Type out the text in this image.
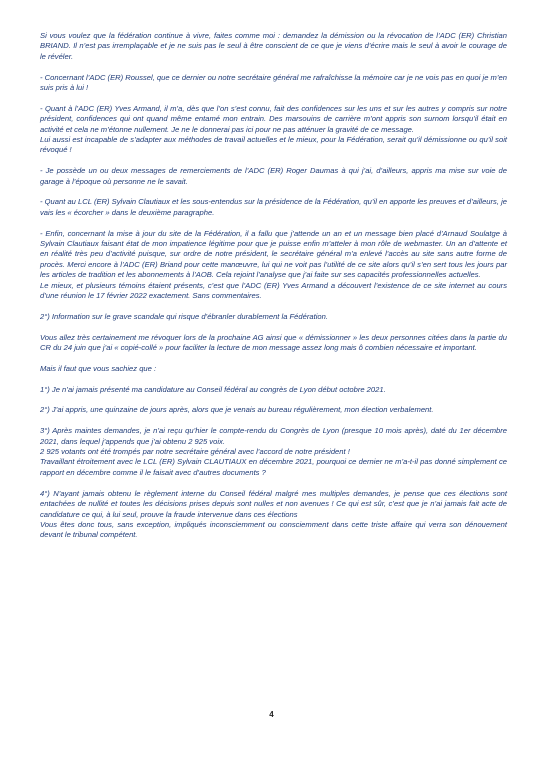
Si vous voulez que la fédération continue à vivre, faites comme moi : demandez la démission ou la révocation de l’ADC (ER) Christian BRIAND. Il n’est pas irremplaçable et je ne suis pas le seul à être conscient de ce que je viens d’écrire mais le seul à avoir le courage de le révéler.

- Concernant l’ADC (ER) Roussel, que ce dernier ou notre secrétaire général me rafraîchisse la mémoire car je ne vois pas en quoi je m’en suis pris à lui !

- Quant à l’ADC (ER) Yves Armand, il m’a, dès que l’on s’est connu, fait des confidences sur les uns et sur les autres y compris sur notre président, confidences qui ont quand même entamé mon entrain. Des marsouins de carrière m’ont appris son surnom lorsqu’il était en activité et cela ne m’étonne nullement. Je ne le donnerai pas ici pour ne pas atténuer la gravité de ce message.
Lui aussi est incapable de s’adapter aux méthodes de travail actuelles et le mieux, pour la Fédération, serait qu’il démissionne ou qu’il soit révoqué !

- Je possède un ou deux messages de remerciements de l’ADC (ER) Roger Daumas à qui j’ai, d’ailleurs, appris ma mise sur voie de garage à l’époque où personne ne le savait.

- Quant au LCL (ER) Sylvain Clautiaux et les sous-entendus sur la présidence de la Fédération, qu’il en apporte les preuves et d’ailleurs, je vais les « écorcher » dans le deuxième paragraphe.

- Enfin, concernant la mise à jour du site de la Fédération, il a fallu que j’attende un an et un message bien placé d’Arnaud Soulatge à Sylvain Clautiaux faisant état de mon impatience légitime pour que je puisse enfin m’atteler à mon rôle de webmaster. Un an d’attente et en réalité très peu d’activité puisque, sur ordre de notre président, le secrétaire général m’a enlevé l’accès au site sans autre forme de procès. Merci encore à l’ADC (ER) Briand pour cette manœuvre, lui qui ne voit pas l’utilité de ce site alors qu’il s’en sert tous les jours par les articles de tradition et les abonnements à l’AOB. Cela rejoint l’analyse que j’ai faite sur ses capacités professionnelles actuelles.
Le mieux, et plusieurs témoins étaient présents, c’est que l’ADC (ER) Yves Armand a découvert l’existence de ce site internet au cours d’une réunion le 17 février 2022 exactement. Sans commentaires.

2°) Information sur le grave scandale qui risque d’ébranler durablement la Fédération.

Vous allez très certainement me révoquer lors de la prochaine AG ainsi que « démissionner » les deux personnes citées dans la partie du CR du 24 juin que j’ai « copié-collé » pour faciliter la lecture de mon message assez long mais ô combien nécessaire et important.

Mais il faut que vous sachiez que :

1°) Je n’ai jamais présenté ma candidature au Conseil fédéral au congrès de Lyon début octobre 2021.

2°) J’ai appris, une quinzaine de jours après, alors que je venais au bureau régulièrement, mon élection verbalement.

3°) Après maintes demandes, je n’ai reçu qu’hier le compte-rendu du Congrès de Lyon (presque 10 mois après), daté du 1er décembre 2021, dans lequel j’appends que j’ai obtenu 2 925 voix.
2 925 votants ont été trompés par notre secrétaire général avec l’accord de notre président !
Travaillant étroitement avec le LCL (ER) Sylvain CLAUTIAUX en décembre 2021, pourquoi ce dernier ne m’a-t-il pas donné simplement ce rapport en décembre comme il le faisait avec d’autres documents ?

4°) N’ayant jamais obtenu le règlement interne du Conseil fédéral malgré mes multiples demandes, je pense que ces élections sont entachées de nullité et toutes les décisions prises depuis sont nulles et non avenues ! Ce qui est sûr, c’est que je n’ai jamais fait acte de candidature ce qui, à lui seul, prouve la fraude intervenue dans ces élections
Vous êtes donc tous, sans exception, impliqués inconsciemment ou consciemment dans cette triste affaire qui verra son dénouement devant le tribunal compétent.

4
